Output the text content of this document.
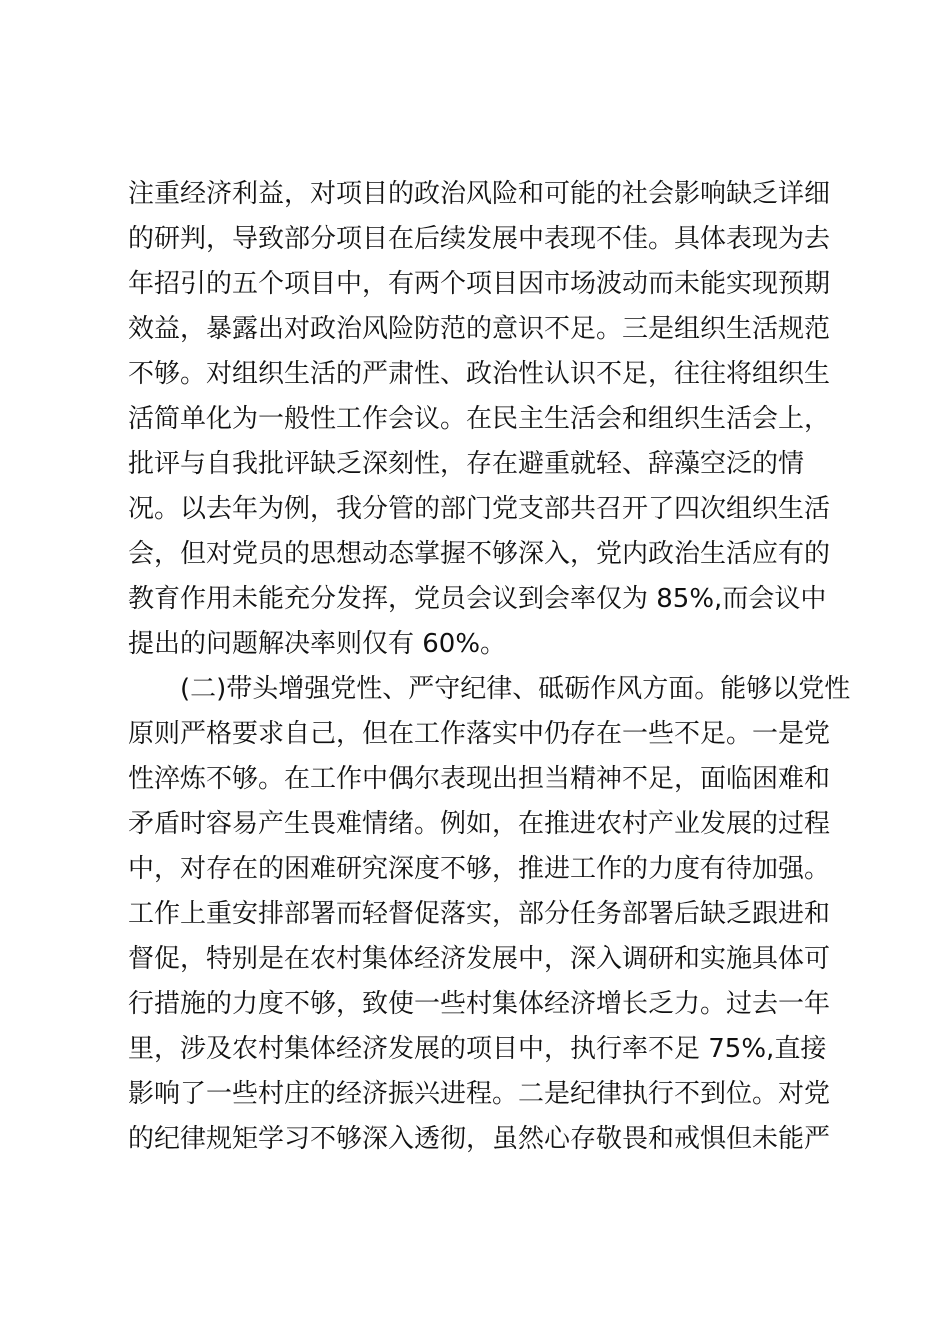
注重经济利益，对项目的政治风险和可能的社会影响缺乏详细
的研判，导致部分项目在后续发展中表现不佳。具体表现为去
年招引的五个项目中，有两个项目因市场波动而未能实现预期
效益，暴露出对政治风险防范的意识不足。三是组织生活规范
不够。对组织生活的严肃性、政治性认识不足，往往将组织生
活简单化为一般性工作会议。在民主生活会和组织生活会上，
批评与自我批评缺乏深刻性，存在避重就轻、辞藻空泛的情
况。以去年为例，我分管的部门党支部共召开了四次组织生活
会，但对党员的思想动态掌握不够深入，党内政治生活应有的
教育作用未能充分发挥，党员会议到会率仅为 85%,而会议中
提出的问题解决率则仅有 60%。
(二)带头增强党性、严守纪律、砥砺作风方面。能够以党性
原则严格要求自己，但在工作落实中仍存在一些不足。一是党
性淬炼不够。在工作中偶尔表现出担当精神不足，面临困难和
矛盾时容易产生畏难情绪。例如，在推进农村产业发展的过程
中，对存在的困难研究深度不够，推进工作的力度有待加强。
工作上重安排部署而轻督促落实，部分任务部署后缺乏跟进和
督促，特别是在农村集体经济发展中，深入调研和实施具体可
行措施的力度不够，致使一些村集体经济增长乏力。过去一年
里，涉及农村集体经济发展的项目中，执行率不足 75%,直接
影响了一些村庄的经济振兴进程。二是纪律执行不到位。对党
的纪律规矩学习不够深入透彻，虽然心存敬畏和戒惧但未能严
